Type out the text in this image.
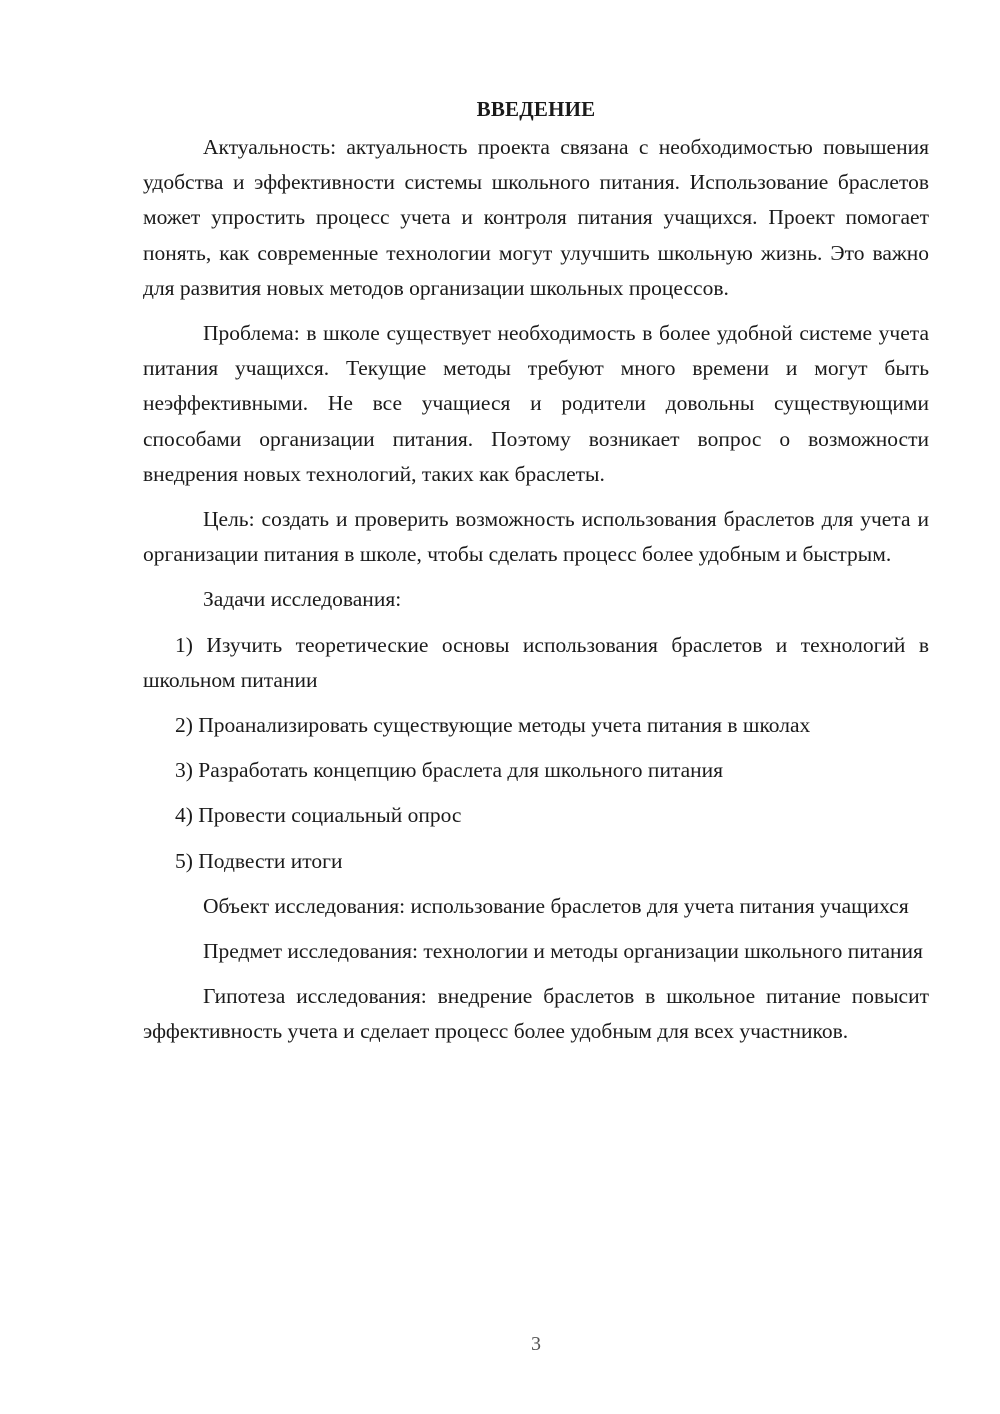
ВВЕДЕНИЕ

Актуальность: актуальность проекта связана с необходимостью повышения удобства и эффективности системы школьного питания. Использование браслетов может упростить процесс учета и контроля питания учащихся. Проект помогает понять, как современные технологии могут улучшить школьную жизнь. Это важно для развития новых методов организации школьных процессов.

Проблема: в школе существует необходимость в более удобной системе учета питания учащихся. Текущие методы требуют много времени и могут быть неэффективными. Не все учащиеся и родители довольны существующими способами организации питания. Поэтому возникает вопрос о возможности внедрения новых технологий, таких как браслеты.

Цель: создать и проверить возможность использования браслетов для учета и организации питания в школе, чтобы сделать процесс более удобным и быстрым.

Задачи исследования:

1) Изучить теоретические основы использования браслетов и технологий в школьном питании

2) Проанализировать существующие методы учета питания в школах

3) Разработать концепцию браслета для школьного питания

4) Провести социальный опрос

5) Подвести итоги

Объект исследования: использование браслетов для учета питания учащихся

Предмет исследования: технологии и методы организации школьного питания

Гипотеза исследования: внедрение браслетов в школьное питание повысит эффективность учета и сделает процесс более удобным для всех участников.

3
